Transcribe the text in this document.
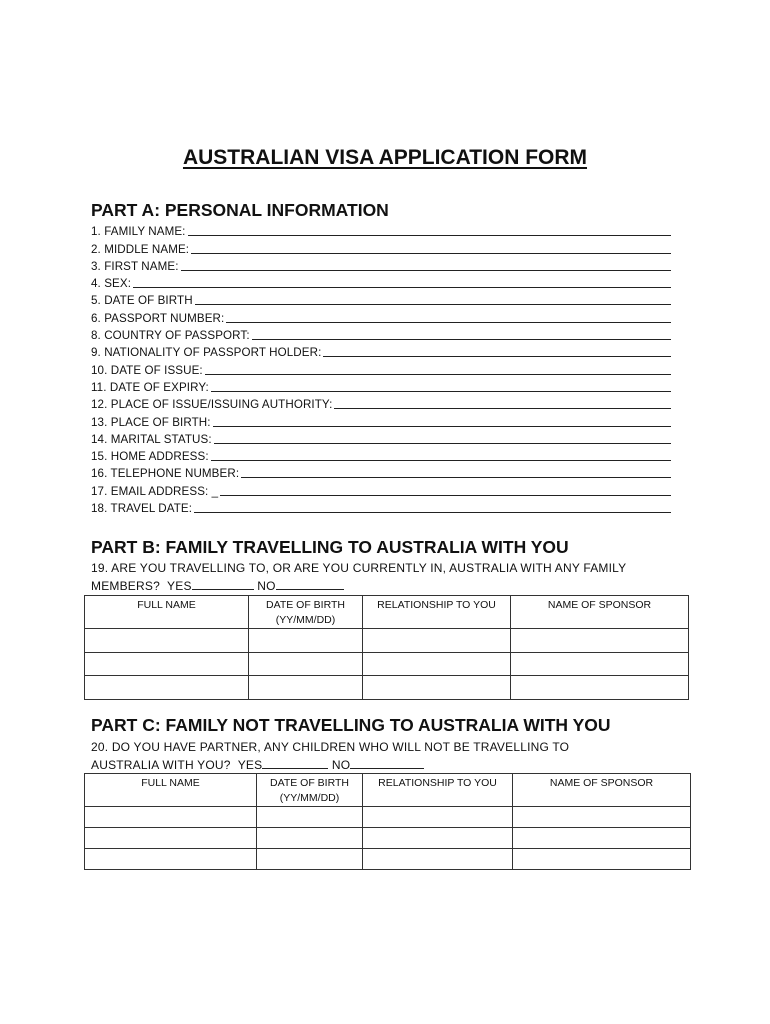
AUSTRALIAN VISA APPLICATION FORM
PART A: PERSONAL INFORMATION
1. FAMILY NAME:
2. MIDDLE NAME:
3. FIRST NAME:
4. SEX:
5. DATE OF BIRTH
6. PASSPORT NUMBER:
8. COUNTRY OF PASSPORT:
9. NATIONALITY OF PASSPORT HOLDER:
10. DATE OF ISSUE:
11. DATE OF EXPIRY:
12. PLACE OF ISSUE/ISSUING AUTHORITY:
13. PLACE OF BIRTH:
14. MARITAL STATUS:
15. HOME ADDRESS:
16. TELEPHONE NUMBER:
17. EMAIL ADDRESS: _
18. TRAVEL DATE:
PART B: FAMILY TRAVELLING TO AUSTRALIA WITH YOU
19. ARE YOU TRAVELLING TO, OR ARE YOU CURRENTLY IN, AUSTRALIA WITH ANY FAMILY MEMBERS? YES	NO
FULL NAME	DATE OF BIRTH (YY/MM/DD)	RELATIONSHIP TO YOU	NAME OF SPONSOR

PART C: FAMILY NOT TRAVELLING TO AUSTRALIA WITH YOU
20. DO YOU HAVE PARTNER, ANY CHILDREN WHO WILL NOT BE TRAVELLING TO AUSTRALIA WITH YOU? YES	NO
FULL NAME	DATE OF BIRTH (YY/MM/DD)	RELATIONSHIP TO YOU	NAME OF SPONSOR
